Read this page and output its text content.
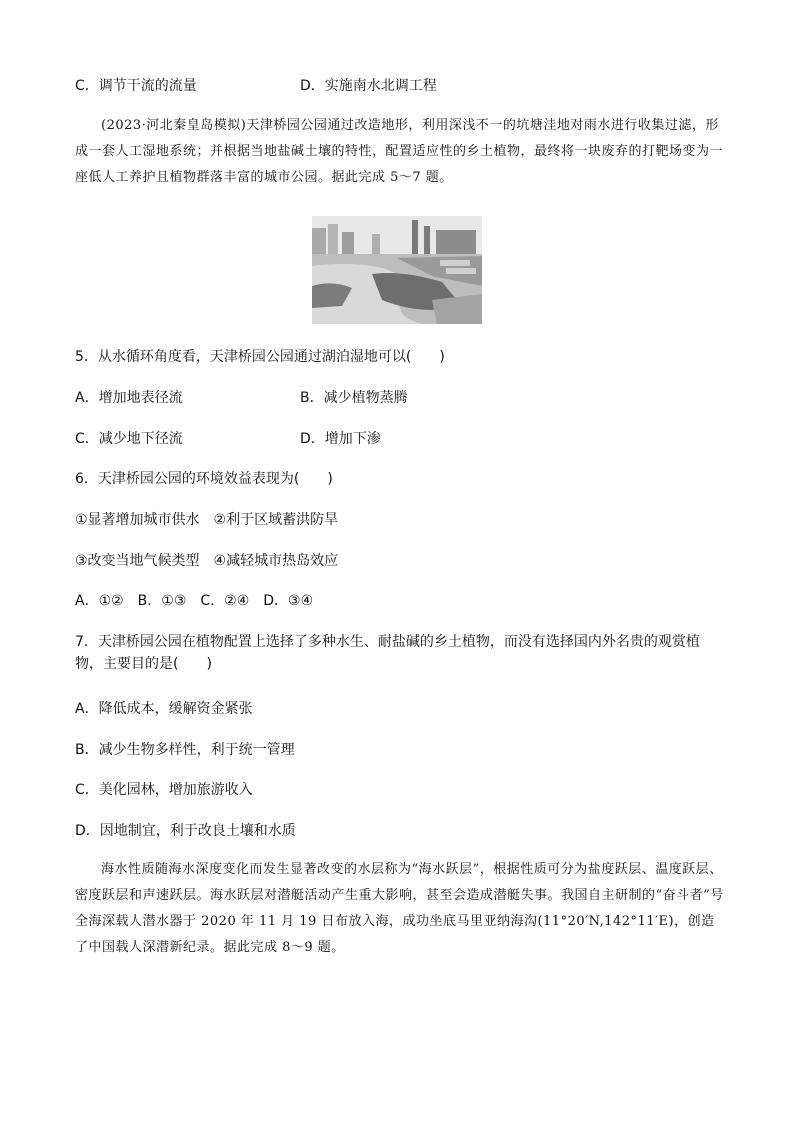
C．调节干流的流量	D．实施南水北调工程
(2023·河北秦皇岛模拟)天津桥园公园通过改造地形，利用深浅不一的坑塘洼地对雨水进行收集过滤，形成一套人工湿地系统；并根据当地盐碱土壤的特性，配置适应性的乡土植物，最终将一块废弃的打靶场变为一座低人工养护且植物群落丰富的城市公园。据此完成 5～7 题。
5．从水循环角度看，天津桥园公园通过湖泊湿地可以(　　)
A．增加地表径流	B．减少植物蒸腾
C．减少地下径流	D．增加下渗
6．天津桥园公园的环境效益表现为(　　)
①显著增加城市供水　②利于区域蓄洪防旱
③改变当地气候类型　④减轻城市热岛效应
A．①②　B．①③　C．②④　D．③④
7．天津桥园公园在植物配置上选择了多种水生、耐盐碱的乡土植物，而没有选择国内外名贵的观赏植物，主要目的是(　　)
A．降低成本，缓解资金紧张
B．减少生物多样性，利于统一管理
C．美化园林，增加旅游收入
D．因地制宜，利于改良土壤和水质
海水性质随海水深度变化而发生显著改变的水层称为“海水跃层”，根据性质可分为盐度跃层、温度跃层、密度跃层和声速跃层。海水跃层对潜艇活动产生重大影响，甚至会造成潜艇失事。我国自主研制的“奋斗者”号全海深载人潜水器于 2020 年 11 月 19 日布放入海，成功坐底马里亚纳海沟(11°20′N,142°11′E)，创造了中国载人深潜新纪录。据此完成 8～9 题。
